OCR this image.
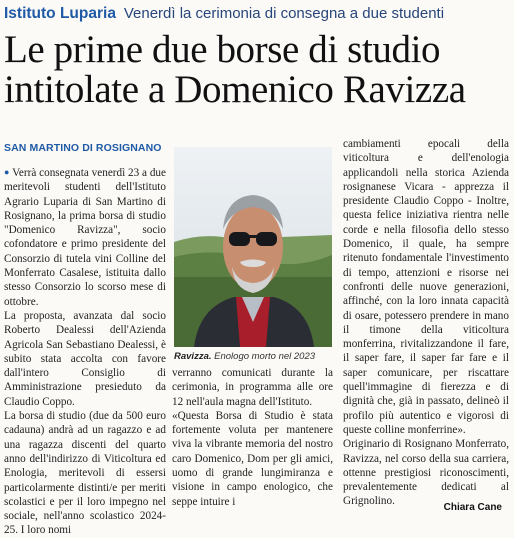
Istituto Luparia Venerdì la cerimonia di consegna a due studenti
Le prime due borse di studio
intitolate a Domenico Ravizza
SAN MARTINO DI ROSIGNANO

● Verrà consegnata venerdì 23 a due meritevoli studenti dell'Istituto Agrario Luparia di San Martino di Rosignano, la prima borsa di studio "Domenico Ravizza", socio cofondatore e primo presidente del Consorzio di tutela vini Colline del Monferrato Casalese, istituita dallo stesso Consorzio lo scorso mese di ottobre.

La proposta, avanzata dal socio Roberto Dealessi dell'Azienda Agricola San Sebastiano Dealessi, è subito stata accolta con favore dall'intero Consiglio di Amministrazione presieduto da Claudio Coppo.

La borsa di studio (due da 500 euro cadauna) andrà ad un ragazzo e ad una ragazza discenti del quarto anno dell'indirizzo di Viticoltura ed Enologia, meritevoli di essersi particolarmente distinti/e per meriti scolastici e per il loro impegno nel sociale, nell'anno scolastico 2024-25. I loro nomi

Ravizza. Enologo morto nel 2023

verranno comunicati durante la cerimonia, in programma alle ore 12 nell'aula magna dell'Istituto.

«Questa Borsa di Studio è stata fortemente voluta per mantenere viva la vibrante memoria del nostro caro Domenico, Dom per gli amici, uomo di grande lungimiranza e visione in campo enologico, che seppe intuire i

cambiamenti epocali della viticoltura e dell'enologia applicandoli nella storica Azienda rosignanese Vicara - apprezza il presidente Claudio Coppo - Inoltre, questa felice iniziativa rientra nelle corde e nella filosofia dello stesso Domenico, il quale, ha sempre ritenuto fondamentale l'investimento di tempo, attenzioni e risorse nei confronti delle nuove generazioni, affinché, con la loro innata capacità di osare, potessero prendere in mano il timone della viticoltura monferrina, rivitalizzandone il fare, il saper fare, il saper far fare e il saper comunicare, per riscattare quell'immagine di fierezza e di dignità che, già in passato, delineò il profilo più autentico e vigorosi di queste colline monferrine».

Originario di Rosignano Monferrato, Ravizza, nel corso della sua carriera, ottenne prestigiosi riconoscimenti, prevalentemente dedicati al Grignolino.

Chiara Cane
